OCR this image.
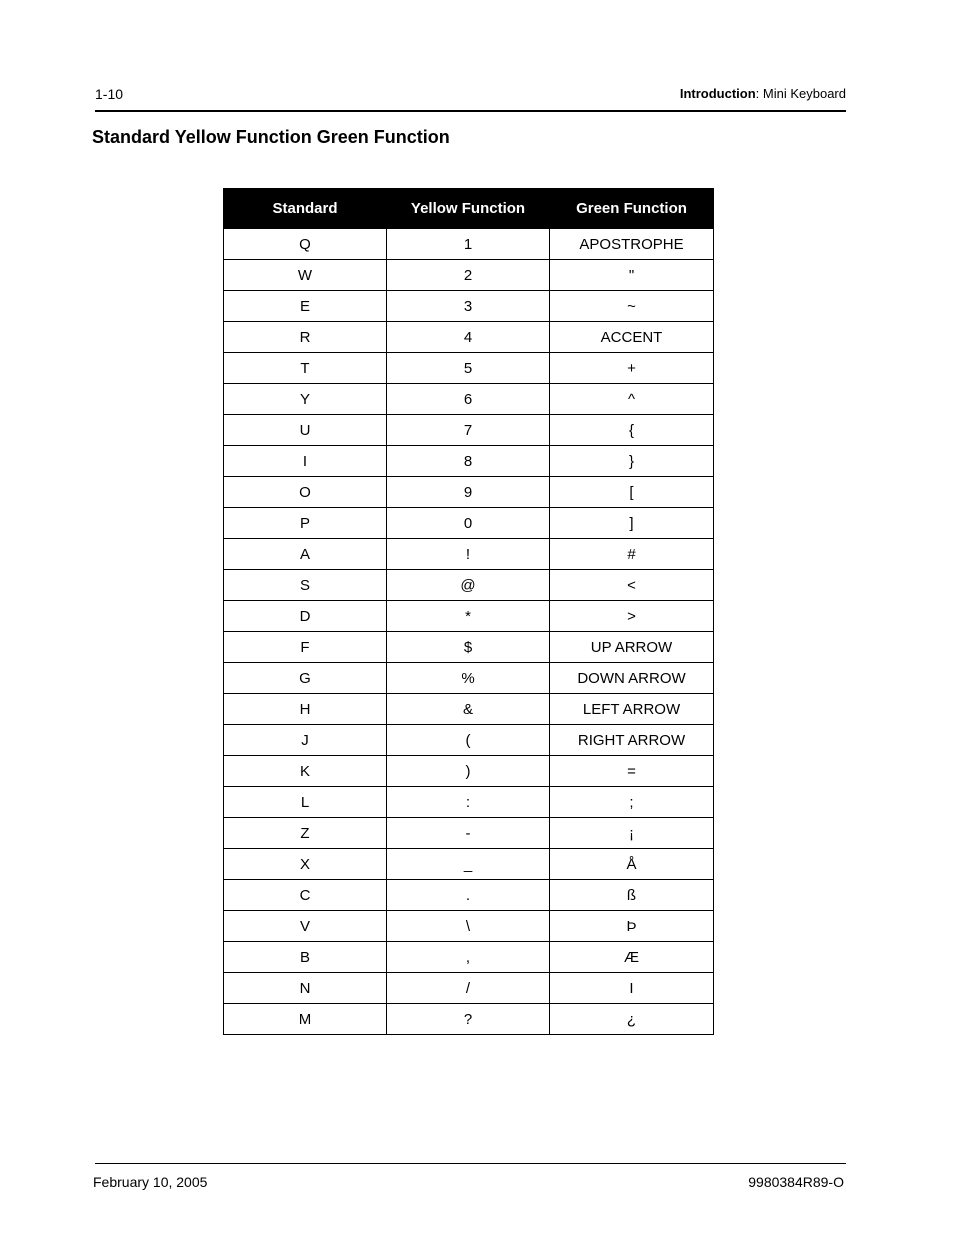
1-10	Introduction: Mini Keyboard
Standard Yellow Function Green Function
Standard	Yellow Function	Green Function
Q	1	APOSTROPHE
W	2	"
E	3	~
R	4	ACCENT
T	5	+
Y	6	^
U	7	{
I	8	}
O	9	[
P	0	]
A	!	#
S	@	<
D	*	>
F	$	UP ARROW
G	%	DOWN ARROW
H	&	LEFT ARROW
J	(	RIGHT ARROW
K	)	=
L	:	;
Z	-	¡
X	_	Å
C	.	ß
V	\	Þ
B	,	Æ
N	/	I
M	?	¿
February 10, 2005	9980384R89-O
